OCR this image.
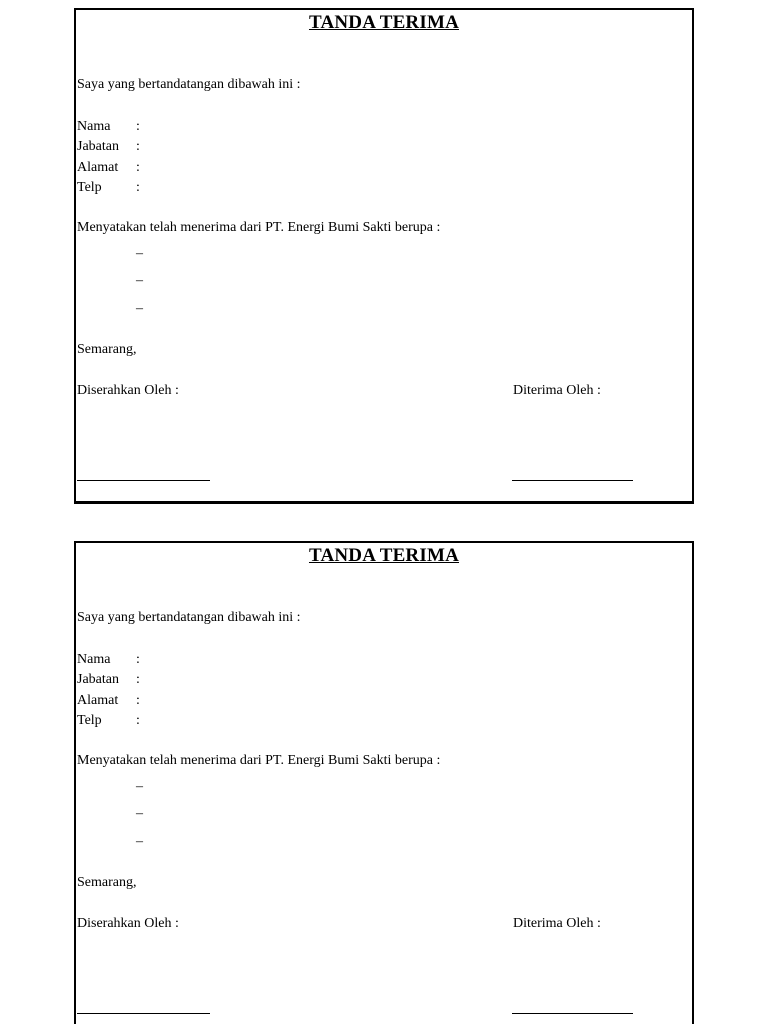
TANDA TERIMA
Saya yang bertandatangan dibawah ini :
Nama :
Jabatan :
Alamat :
Telp :
Menyatakan telah menerima dari PT. Energi Bumi Sakti berupa :
–
–
–
Semarang,
Diserahkan Oleh :	Diterima Oleh :
TANDA TERIMA
Saya yang bertandatangan dibawah ini :
Nama :
Jabatan :
Alamat :
Telp :
Menyatakan telah menerima dari PT. Energi Bumi Sakti berupa :
–
–
–
Semarang,
Diserahkan Oleh :	Diterima Oleh :
